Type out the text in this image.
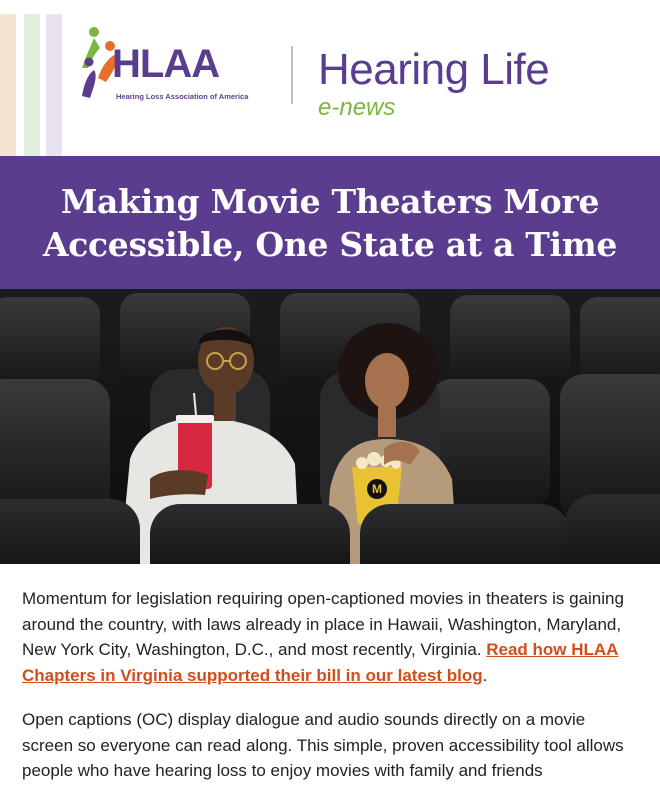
HLAA
Hearing Loss Association of America
Hearing Life
e-news
Making Movie Theaters More
Accessible, One State at a Time
M

Momentum for legislation requiring open-captioned movies in theaters is gaining around the country, with laws already in place in Hawaii, Washington, Maryland, New York City, Washington, D.C., and most recently, Virginia. Read how HLAA Chapters in Virginia supported their bill in our latest blog.

Open captions (OC) display dialogue and audio sounds directly on a movie screen so everyone can read along. This simple, proven accessibility tool allows people who have hearing loss to enjoy movies with family and friends
